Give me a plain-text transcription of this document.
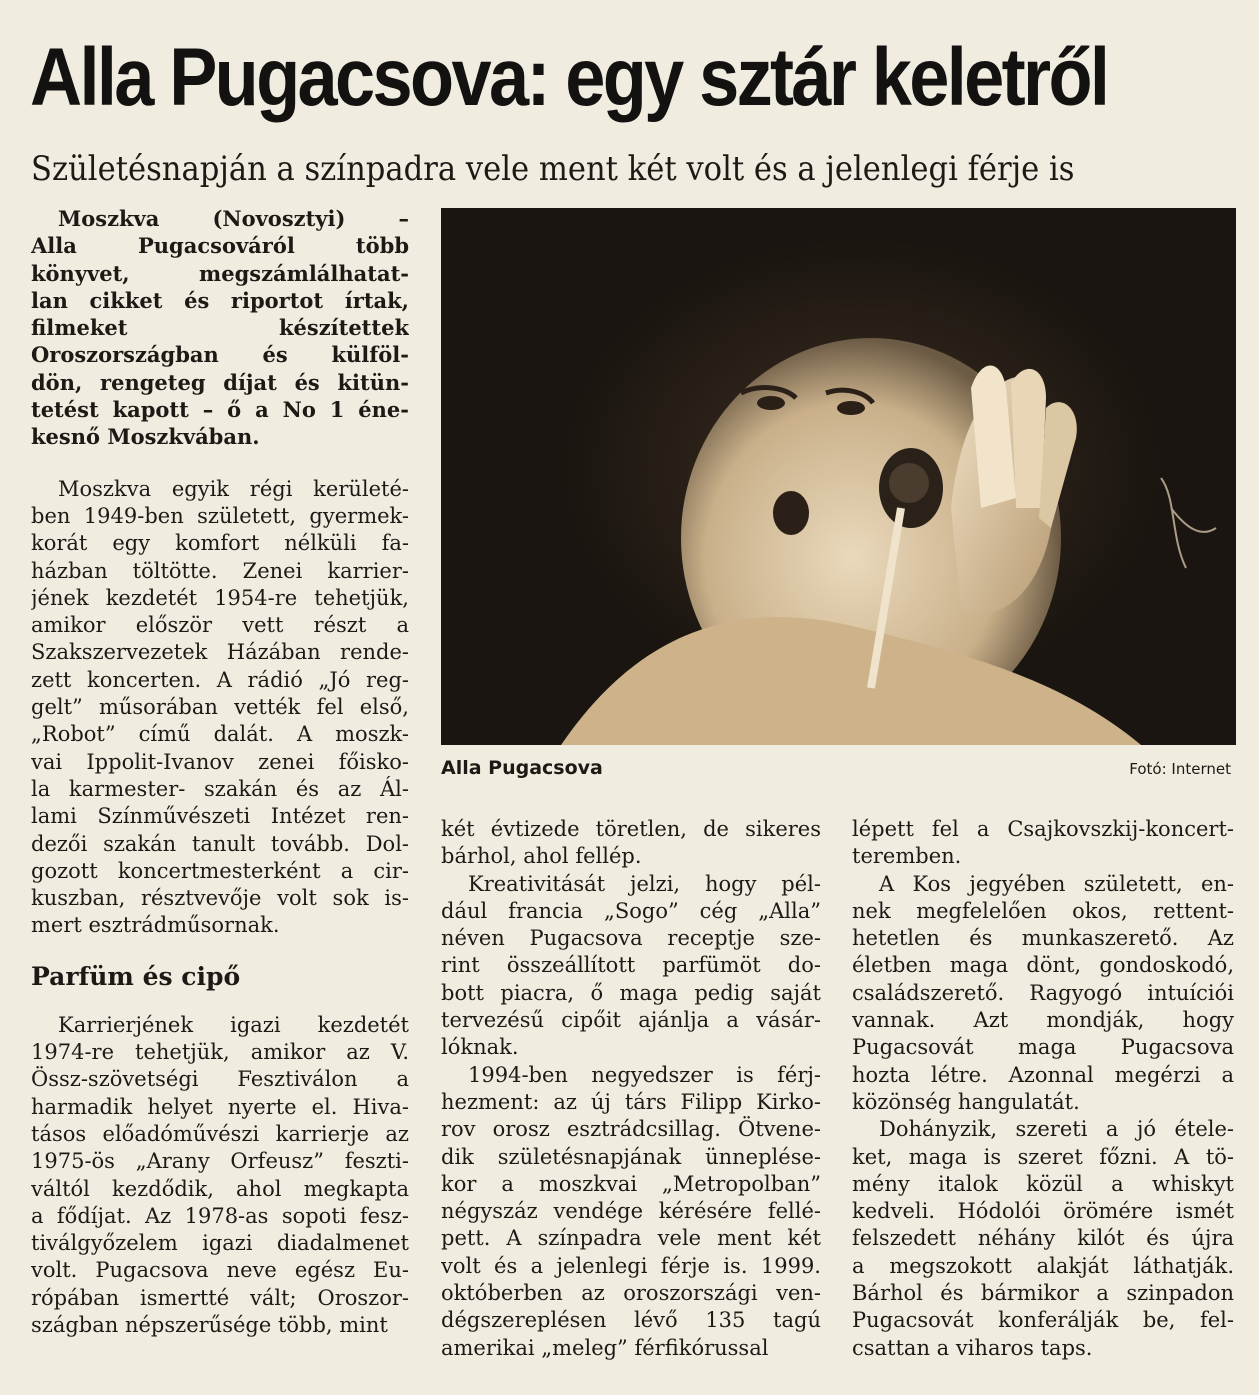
Alla Pugacsova: egy sztár keletről
Születésnapján a színpadra vele ment két volt és a jelenlegi férje is
Moszkva (Novosztyi) –
Alla Pugacsováról több
könyvet, megszámlálhatat-
lan cikket és riportot írtak,
filmeket készítettek
Oroszországban és külföl-
dön, rengeteg díjat és kitün-
tetést kapott – ő a No 1 éne-
kesnő Moszkvában.
Moszkva egyik régi kerületé-
ben 1949-ben született, gyermek-
korát egy komfort nélküli fa-
házban töltötte. Zenei karrier-
jének kezdetét 1954-re tehetjük,
amikor először vett részt a
Szakszervezetek Házában rende-
zett koncerten. A rádió „Jó reg-
gelt” műsorában vették fel első,
„Robot” című dalát. A moszk-
vai Ippolit-Ivanov zenei főisko-
la karmester- szakán és az Ál-
lami Színművészeti Intézet ren-
dezői szakán tanult tovább. Dol-
gozott koncertmesterként a cir-
kuszban, résztvevője volt sok is-
mert esztrádműsornak.
Parfüm és cipő
Karrierjének igazi kezdetét
1974-re tehetjük, amikor az V.
Össz-szövetségi Fesztiválon a
harmadik helyet nyerte el. Hiva-
tásos előadóművészi karrierje az
1975-ös „Arany Orfeusz” feszti-
váltól kezdődik, ahol megkapta
a fődíjat. Az 1978-as sopoti fesz-
tiválgyőzelem igazi diadalmenet
volt. Pugacsova neve egész Eu-
rópában ismertté vált; Oroszor-
szágban népszerűsége több, mint
Alla Pugacsova	Fotó: Internet
két évtizede töretlen, de sikeres
bárhol, ahol fellép.
Kreativitását jelzi, hogy pél-
dául francia „Sogo” cég „Alla”
néven Pugacsova receptje sze-
rint összeállított parfümöt do-
bott piacra, ő maga pedig saját
tervezésű cipőit ajánlja a vásár-
lóknak.
1994-ben negyedszer is férj-
hezment: az új társ Filipp Kirko-
rov orosz esztrádcsillag. Ötvene-
dik születésnapjának ünneplése-
kor a moszkvai „Metropolban”
négyszáz vendége kérésére fellé-
pett. A színpadra vele ment két
volt és a jelenlegi férje is. 1999.
októberben az oroszországi ven-
dégszereplésen lévő 135 tagú
amerikai „meleg” férfikórussal
lépett fel a Csajkovszkij-koncert-
teremben.
A Kos jegyében született, en-
nek megfelelően okos, rettent-
hetetlen és munkaszerető. Az
életben maga dönt, gondoskodó,
családszerető. Ragyogó intuíciói
vannak. Azt mondják, hogy
Pugacsovát maga Pugacsova
hozta létre. Azonnal megérzi a
közönség hangulatát.
Dohányzik, szereti a jó étele-
ket, maga is szeret főzni. A tö-
mény italok közül a whiskyt
kedveli. Hódolói örömére ismét
felszedett néhány kilót és újra
a megszokott alakját láthatják.
Bárhol és bármikor a szinpadon
Pugacsovát konferálják be, fel-
csattan a viharos taps.
